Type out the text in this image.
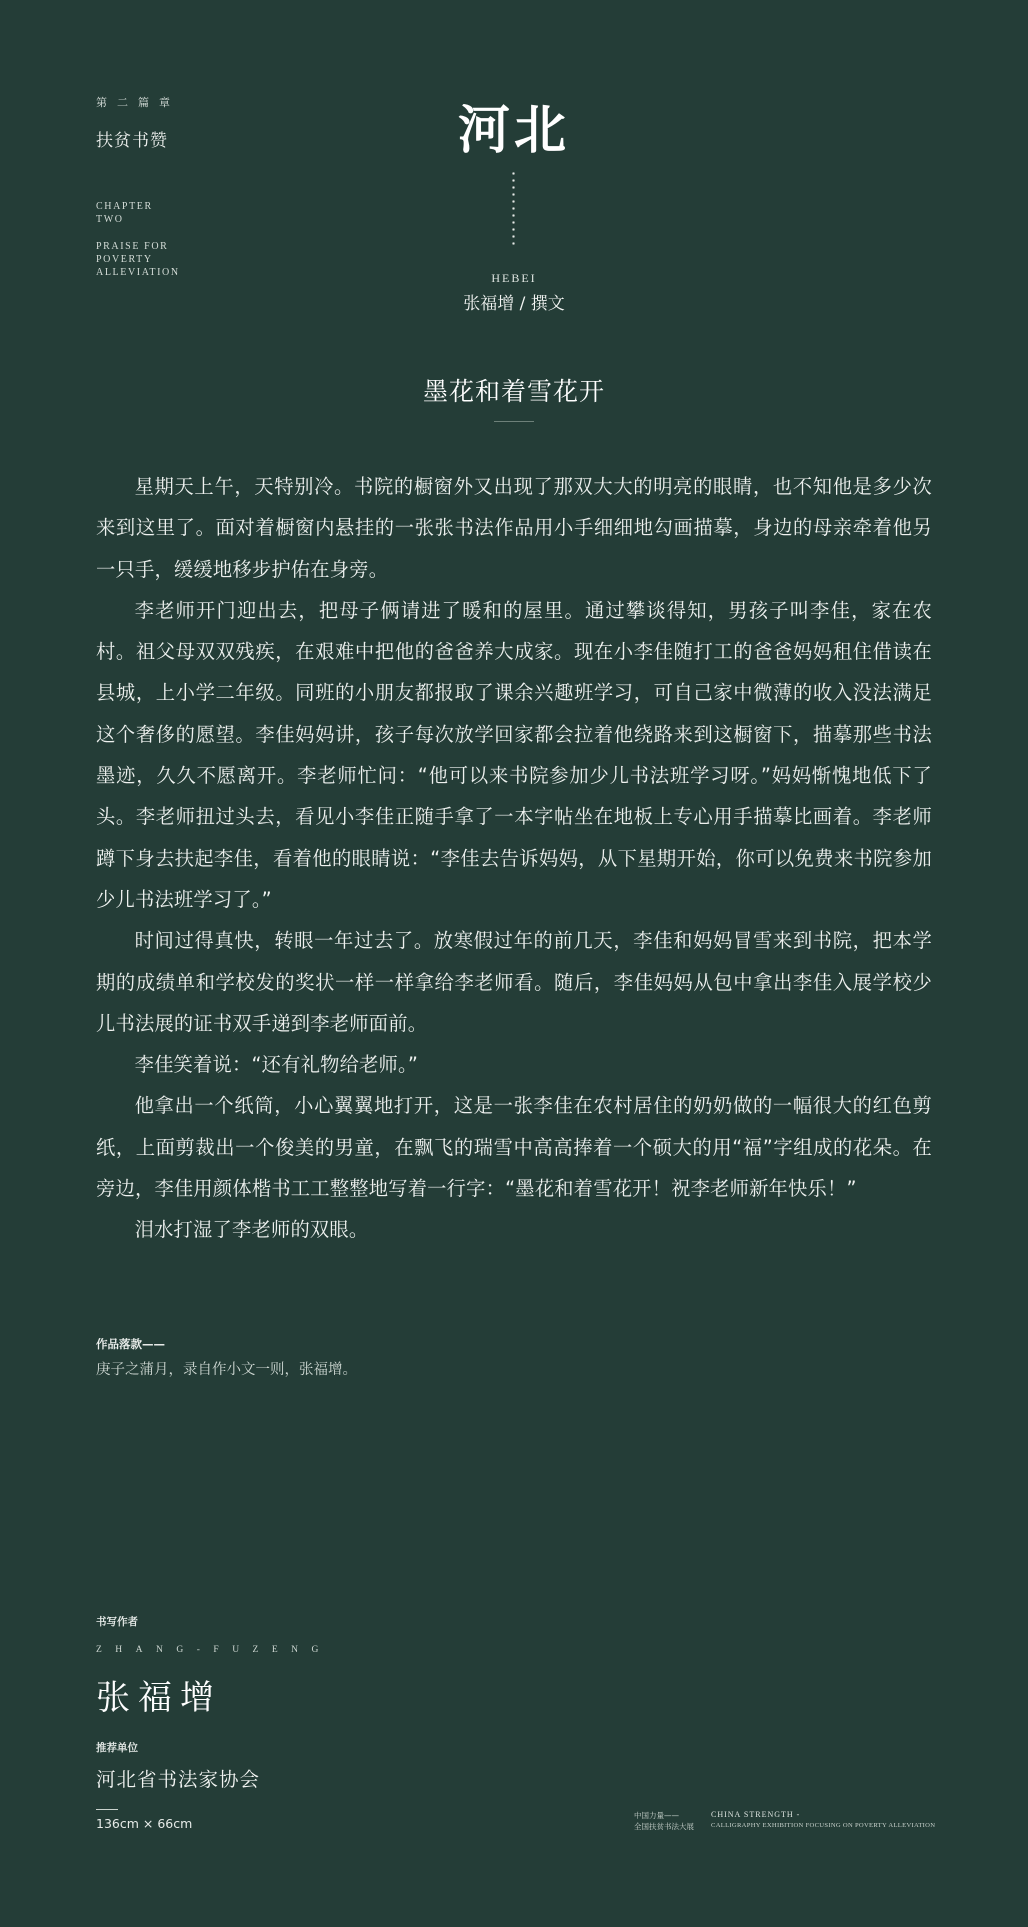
第二篇章
扶贫书赞
CHAPTER
TWO
PRAISE FOR
POVERTY
ALLEVIATION
河北
HEBEI
张福增 / 撰文
墨花和着雪花开

星期天上午，天特别冷。书院的橱窗外又出现了那双大大的明亮的眼睛，也不知他是多少次来到这里了。面对着橱窗内悬挂的一张张书法作品用小手细细地勾画描摹，身边的母亲牵着他另一只手，缓缓地移步护佑在身旁。

李老师开门迎出去，把母子俩请进了暖和的屋里。通过攀谈得知，男孩子叫李佳，家在农村。祖父母双双残疾，在艰难中把他的爸爸养大成家。现在小李佳随打工的爸爸妈妈租住借读在县城，上小学二年级。同班的小朋友都报取了课余兴趣班学习，可自己家中微薄的收入没法满足这个奢侈的愿望。李佳妈妈讲，孩子每次放学回家都会拉着他绕路来到这橱窗下，描摹那些书法墨迹，久久不愿离开。李老师忙问：“他可以来书院参加少儿书法班学习呀。”妈妈惭愧地低下了头。李老师扭过头去，看见小李佳正随手拿了一本字帖坐在地板上专心用手描摹比画着。李老师蹲下身去扶起李佳，看着他的眼睛说：“李佳去告诉妈妈，从下星期开始，你可以免费来书院参加少儿书法班学习了。”

时间过得真快，转眼一年过去了。放寒假过年的前几天，李佳和妈妈冒雪来到书院，把本学期的成绩单和学校发的奖状一样一样拿给李老师看。随后，李佳妈妈从包中拿出李佳入展学校少儿书法展的证书双手递到李老师面前。

李佳笑着说：“还有礼物给老师。”

他拿出一个纸筒，小心翼翼地打开，这是一张李佳在农村居住的奶奶做的一幅很大的红色剪纸，上面剪裁出一个俊美的男童，在飘飞的瑞雪中高高捧着一个硕大的用“福”字组成的花朵。在旁边，李佳用颜体楷书工工整整地写着一行字：“墨花和着雪花开！祝李老师新年快乐！”

泪水打湿了李老师的双眼。

作品落款——
庚子之蒲月，录自作小文一则，张福增。
书写作者
ZHANG-FUZENG
张福增
推荐单位
河北省书法家协会
136cm × 66cm
中国力量——
全国扶贫书法大展
CHINA STRENGTH -
CALLIGRAPHY EXHIBITION FOCUSING ON POVERTY ALLEVIATION
